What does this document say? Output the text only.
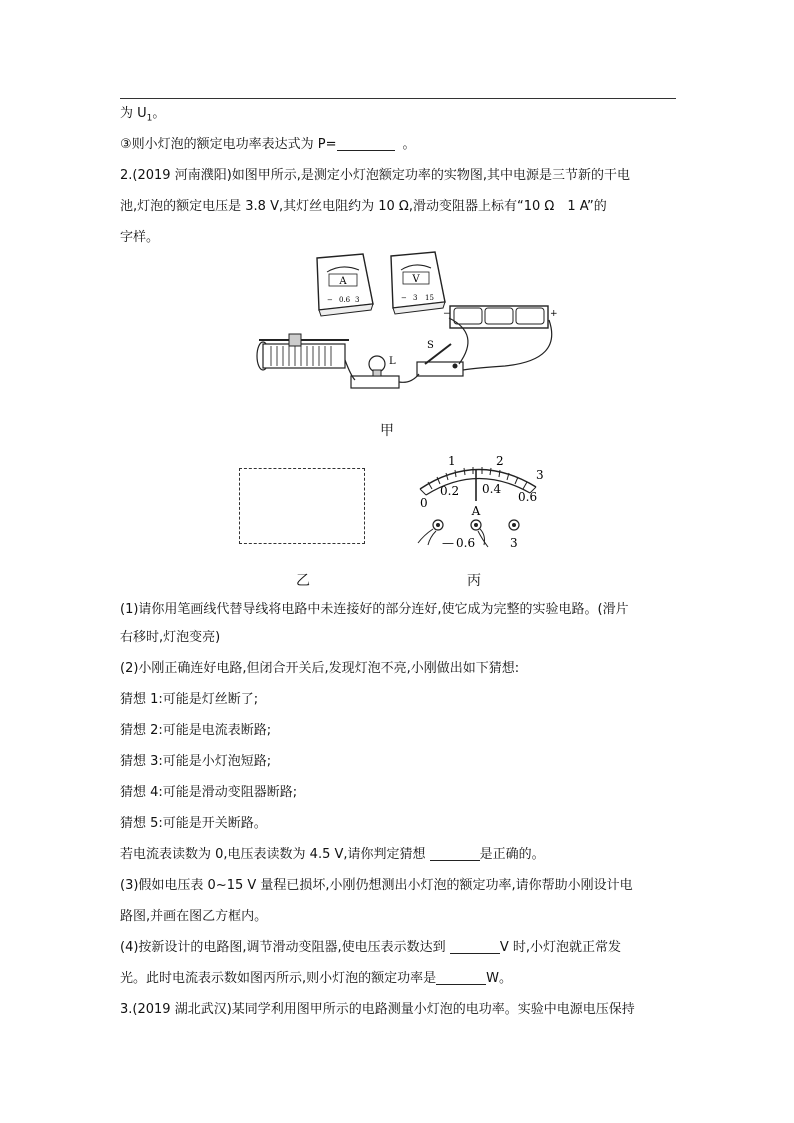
为 $U_1$。
③则小灯泡的额定电功率表达式为 P=	。
2.(2019 河南濮阳)如图甲所示,是测定小灯泡额定功率的实物图,其中电源是三节新的干电
池,灯泡的额定电压是 3.8 V,其灯丝电阻约为 10 Ω,滑动变阻器上标有“10 Ω　1 A”的
字样。
A
− 0.6 3
V
− 3 15
−	+
L
S
甲
乙
1	2
3
0
0.2 0.4
0.6
A
— 0.6	3
丙
(1)请你用笔画线代替导线将电路中未连接好的部分连好,使它成为完整的实验电路。(滑片
右移时,灯泡变亮)
(2)小刚正确连好电路,但闭合开关后,发现灯泡不亮,小刚做出如下猜想:
猜想 1:可能是灯丝断了;
猜想 2:可能是电流表断路;
猜想 3:可能是小灯泡短路;
猜想 4:可能是滑动变阻器断路;
猜想 5:可能是开关断路。
若电流表读数为 0,电压表读数为 4.5 V,请你判定猜想	是正确的。
(3)假如电压表 0~15 V 量程已损坏,小刚仍想测出小灯泡的额定功率,请你帮助小刚设计电
路图,并画在图乙方框内。
(4)按新设计的电路图,调节滑动变阻器,使电压表示数达到	V 时,小灯泡就正常发
光。此时电流表示数如图丙所示,则小灯泡的额定功率是	W。
3.(2019 湖北武汉)某同学利用图甲所示的电路测量小灯泡的电功率。实验中电源电压保持
